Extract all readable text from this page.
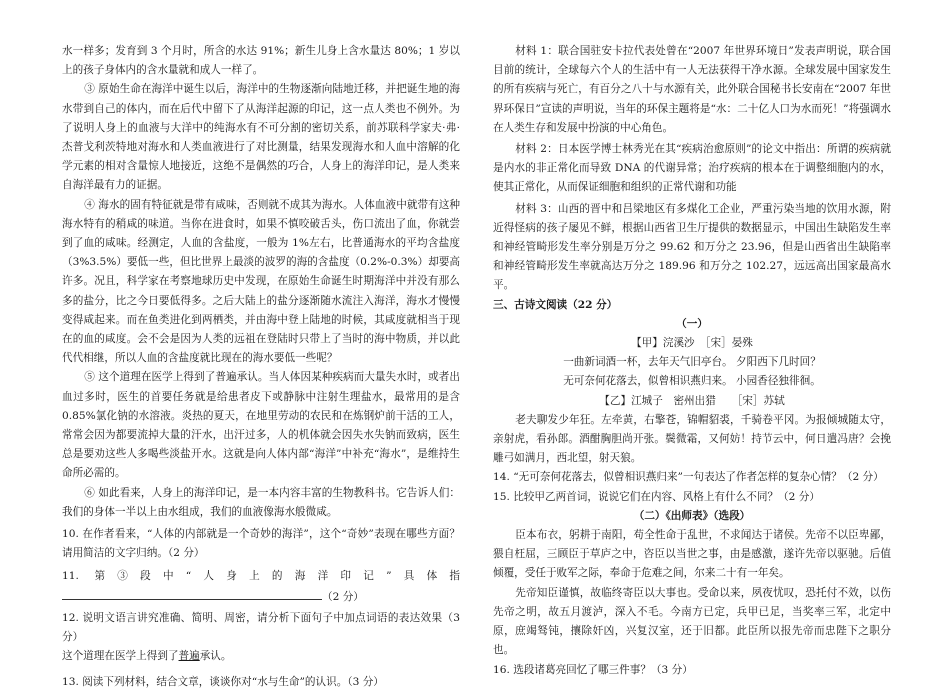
水一样多；发育到 3 个月时，所含的水达 91%；新生儿身上含水量达 80%；1 岁以上的孩子身体内的含水量就和成人一样了。

③ 原始生命在海洋中诞生以后，海洋中的生物逐渐向陆地迁移，并把诞生地的海水带到自己的体内，而在后代中留下了从海洋起源的印记，这一点人类也不例外。为了说明人身上的血液与大洋中的纯海水有不可分割的密切关系，前苏联科学家夫·弗·杰普戈利茨特地对海水和人类血液进行了对比测量，结果发现海水和人血中溶解的化学元素的相对含量惊人地接近，这绝不是偶然的巧合，人身上的海洋印记，是人类来自海洋最有力的证据。

④ 海水的固有特征就是带有咸味，否则就不成其为海水。人体血液中就带有这种海水特有的稍咸的味道。当你在进食时，如果不慎咬破舌头，伤口流出了血，你就尝到了血的咸味。经测定，人血的含盐度，一般为 1%左右，比普通海水的平均含盐度（3%3.5%）要低一些，但比世界上最淡的波罗的海的含盐度（0.2%-0.3%）却要高许多。况且，科学家在考察地球历史中发现，在原始生命诞生时期海洋中并没有那么多的盐分，比之今日要低得多。之后大陆上的盐分逐渐随水流注入海洋，海水才慢慢变得咸起来。而在鱼类进化到两栖类，并由海中登上陆地的时候，其咸度就相当于现在的血的咸度。会不会是因为人类的远祖在登陆时只带上了当时的海中物质，并以此代代相继，所以人血的含盐度就比现在的海水要低一些呢？

⑤ 这个道理在医学上得到了普遍承认。当人体因某种疾病而大量失水时，或者出血过多时，医生的首要任务就是给患者皮下或静脉中注射生理盐水，最常用的是含 0.85%氯化钠的水溶液。炎热的夏天，在地里劳动的农民和在炼钢炉前干活的工人，常常会因为都要流掉大量的汗水，出汗过多，人的机体就会因失水失钠而致病，医生总是要劝这些人多喝些淡盐开水。这就是向人体内部“海洋”中补充“海水”，是维持生命所必需的。

⑥ 如此看来，人身上的海洋印记，是一本内容丰富的生物教科书。它告诉人们：我们的身体一半以上由水组成，我们的血液像海水般微咸。

10. 在作者看来，“人体的内部就是一个奇妙的海洋”，这个“奇妙”表现在哪些方面？请用简洁的文字归纳。（2 分）

11. 第③段中“人身上的海洋印记”具体指（2 分）

12. 说明文语言讲究准确、简明、周密，请分析下面句子中加点词语的表达效果（3 分）

这个道理在医学上得到了普遍承认。

13. 阅读下列材料，结合文章，谈谈你对“水与生命”的认识。（3 分）

材料 1：联合国驻安卡拉代表处曾在“2007 年世界环境日”发表声明说，联合国目前的统计，全球每六个人的生活中有一人无法获得干净水源。全球发展中国家发生的所有疾病与死亡，有百分之八十与水源有关，此外联合国秘书长安南在“2007 年世界环保日”宣读的声明说，当年的环保主题将是“水：二十亿人口为水而死！”将强调水在人类生存和发展中扮演的中心角色。

材料 2：日本医学博士林秀光在其“疾病治愈原则”的论文中指出：所谓的疾病就是内水的非正常化而导致 DNA 的代谢异常；治疗疾病的根本在于调整细胞内的水，使其正常化，从而保证细胞和组织的正常代谢和功能

材料 3：山西的晋中和吕梁地区有多煤化工企业，严重污染当地的饮用水源，附近得怪病的孩子屡见不鲜，根据山西省卫生厅提供的数据显示，中国出生缺陷发生率和神经管畸形发生率分别是万分之 99.62 和万分之 23.96，但是山西省出生缺陷率和神经管畸形发生率就高达万分之 189.96 和万分之 102.27，远远高出国家最高水平。

三、古诗文阅读（22 分）

（一）

【甲】浣溪沙　［宋］晏殊

一曲新词酒一杯，去年天气旧亭台。 夕阳西下几时回？

无可奈何花落去，似曾相识燕归来。 小园香径独徘徊。

【乙】江城子　密州出猎　　［宋］苏轼

老夫聊发少年狂。左牵黄，右擎苍，锦帽貂裘，千骑卷平冈。为报倾城随太守，亲射虎，看孙郎。酒酣胸胆尚开张。鬓微霜，又何妨！持节云中，何日遣冯唐？会挽雕弓如满月，西北望，射天狼。

14. “无可奈何花落去，似曾相识燕归来”一句表达了作者怎样的复杂心情？（2 分）

15. 比较甲乙两首词，说说它们在内容、风格上有什么不同？（2 分）

（二）《出师表》（选段）

臣本布衣，躬耕于南阳，苟全性命于乱世，不求闻达于诸侯。先帝不以臣卑鄙，猥自枉屈，三顾臣于草庐之中，咨臣以当世之事，由是感激，遂许先帝以驱驰。后值倾覆，受任于败军之际，奉命于危难之间，尔来二十有一年矣。

先帝知臣谨慎，故临终寄臣以大事也。受命以来，夙夜忧叹，恐托付不效，以伤先帝之明，故五月渡泸，深入不毛。今南方已定，兵甲已足，当奖率三军，北定中原，庶竭驽钝，攘除奸凶，兴复汉室，还于旧都。此臣所以报先帝而忠陛下之职分也。

16. 选段诸葛亮回忆了哪三件事？（3 分）
